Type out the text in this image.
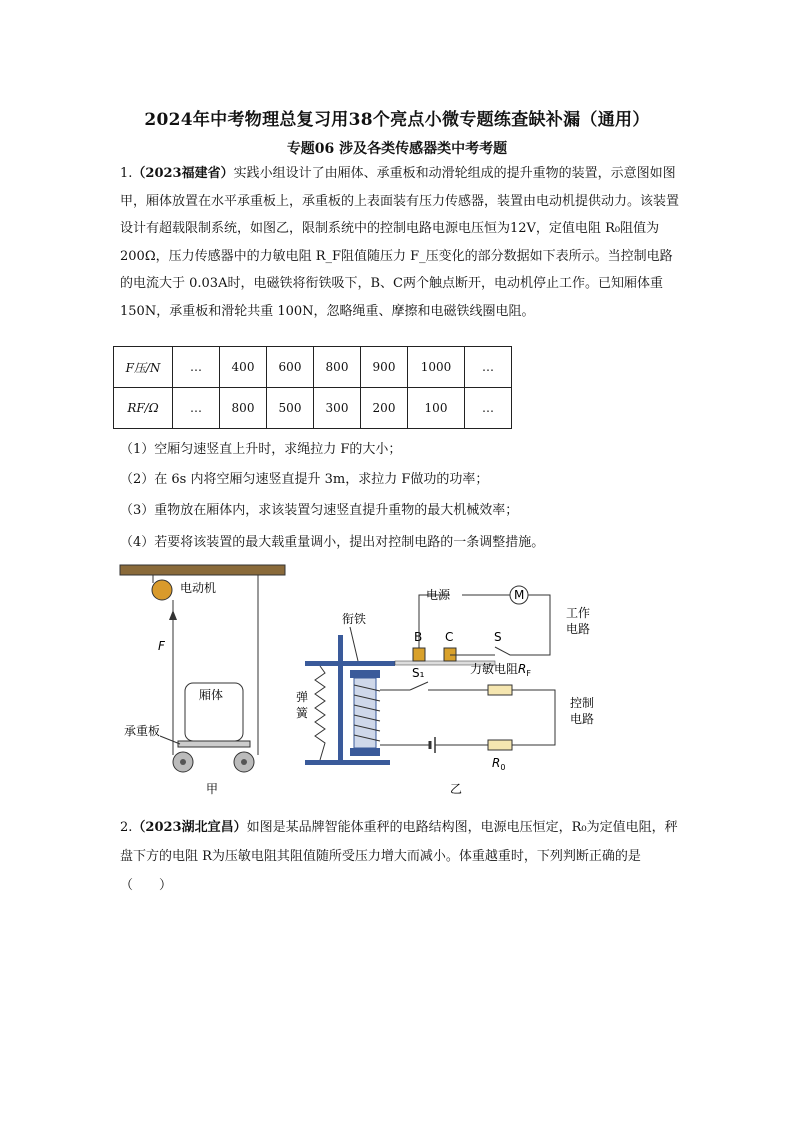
2024年中考物理总复习用38个亮点小微专题练查缺补漏（通用）
专题06 涉及各类传感器类中考考题
1.（2023福建省）实践小组设计了由厢体、承重板和动滑轮组成的提升重物的装置，示意图如图甲，厢体放置在水平承重板上，承重板的上表面装有压力传感器，装置由电动机提供动力。该装置设计有超载限制系统，如图乙，限制系统中的控制电路电源电压恒为12V，定值电阻 R₀阻值为 200Ω，压力传感器中的力敏电阻 R_F阻值随压力 F_压变化的部分数据如下表所示。当控制电路的电流大于 0.03A时，电磁铁将衔铁吸下，B、C两个触点断开，电动机停止工作。已知厢体重 150N，承重板和滑轮共重 100N，忽略绳重、摩擦和电磁铁线圈电阻。
F压/N	…	400	600	800	900	1000	…
RF/Ω	…	800	500	300	200	100	…
（1）空厢匀速竖直上升时，求绳拉力 F的大小；
（2）在 6s 内将空厢匀速竖直提升 3m，求拉力 F做功的功率；
（3）重物放在厢体内，求该装置匀速竖直提升重物的最大机械效率；
（4）若要将该装置的最大载重量调小，提出对控制电路的一条调整措施。
电动机
F
厢体
承重板
甲
衔铁
弹
簧
B C
电源	M
S
工作
电路
S₁	力敏电阻$R_F$
$R_0$
控制
电路
乙
2.（2023湖北宜昌）如图是某品牌智能体重秤的电路结构图，电源电压恒定，R₀为定值电阻，秤盘下方的电阻 R为压敏电阻其阻值随所受压力增大而减小。体重越重时，下列判断正确的是（　　）
